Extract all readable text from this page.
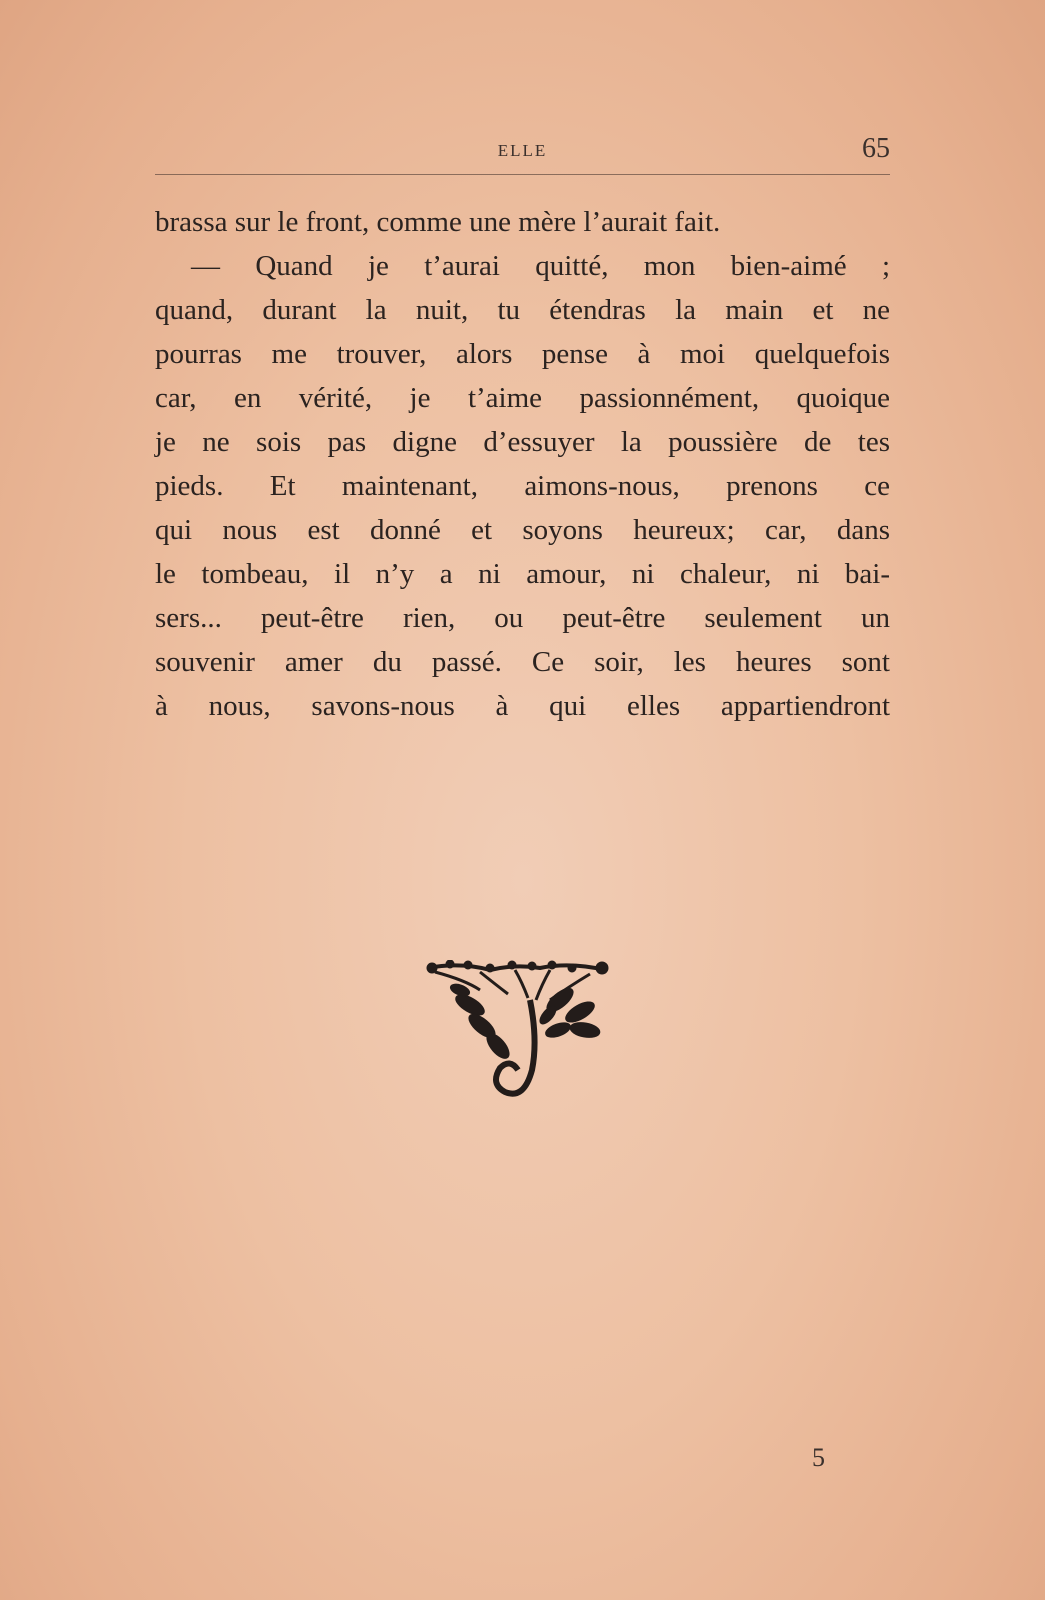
ELLE	65
brassa sur le front, comme une mère l’aurait fait.
— Quand je t’aurai quitté, mon bien-aimé ;
quand, durant la nuit, tu étendras la main et ne
pourras me trouver, alors pense à moi quelquefois
car, en vérité, je t’aime passionnément, quoique
je ne sois pas digne d’essuyer la poussière de tes
pieds. Et maintenant, aimons-nous, prenons ce
qui nous est donné et soyons heureux; car, dans
le tombeau, il n’y a ni amour, ni chaleur, ni bai-
sers... peut-être rien, ou peut-être seulement un
souvenir amer du passé. Ce soir, les heures sont
à nous, savons-nous à qui elles appartiendront
5
